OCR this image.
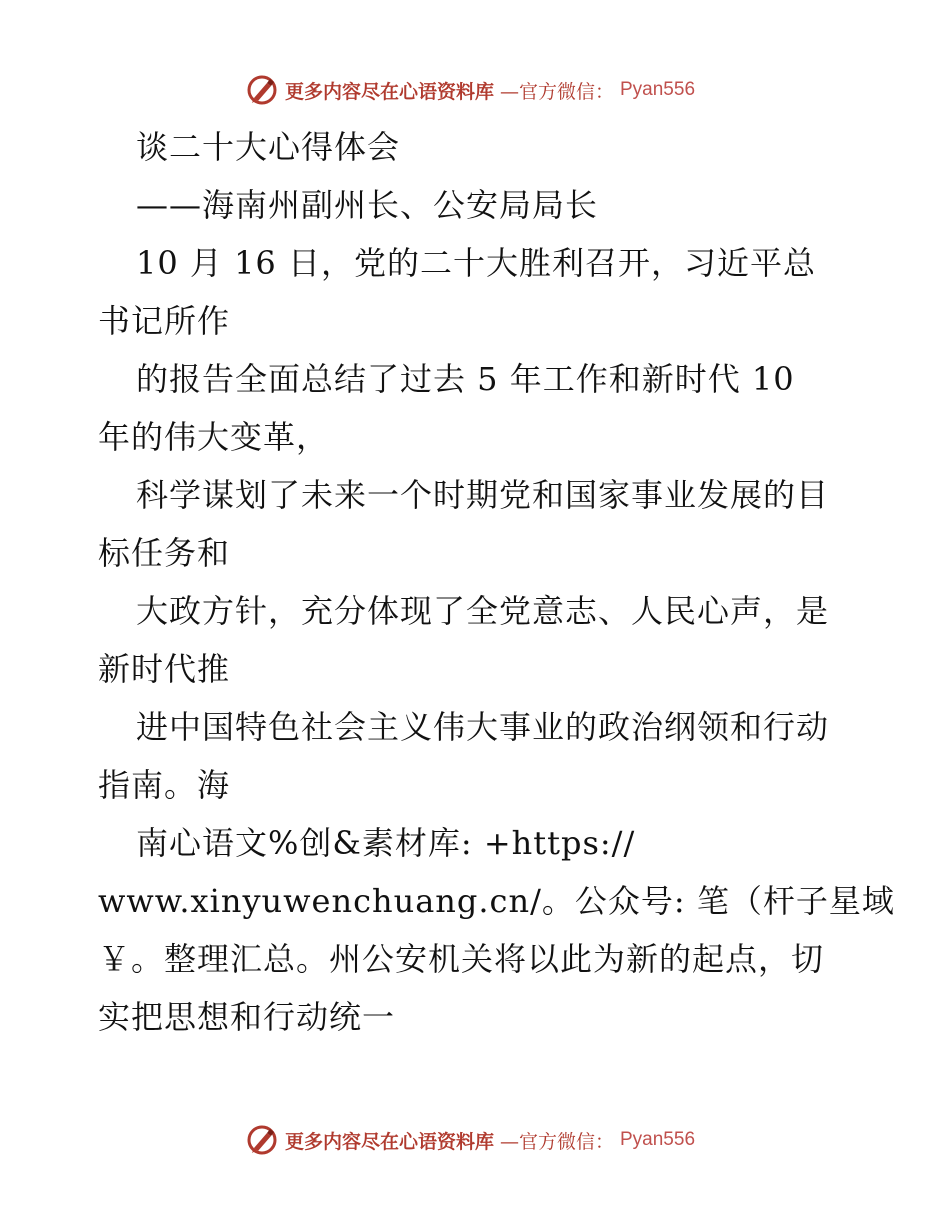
更多内容尽在心语资料库 —官方微信： Pyan556
谈二十大心得体会
——海南州副州长、公安局局长
10 月 16 日，党的二十大胜利召开，习近平总
书记所作
的报告全面总结了过去 5 年工作和新时代 10
年的伟大变革，
科学谋划了未来一个时期党和国家事业发展的目
标任务和
大政方针，充分体现了全党意志、人民心声，是
新时代推
进中国特色社会主义伟大事业的政治纲领和行动
指南。海
南心语文%创&素材库: +https://
www.xinyuwenchuang.cn/。公众号: 笔（杆子星域
￥。整理汇总。州公安机关将以此为新的起点，切
实把思想和行动统一
更多内容尽在心语资料库 —官方微信： Pyan556
